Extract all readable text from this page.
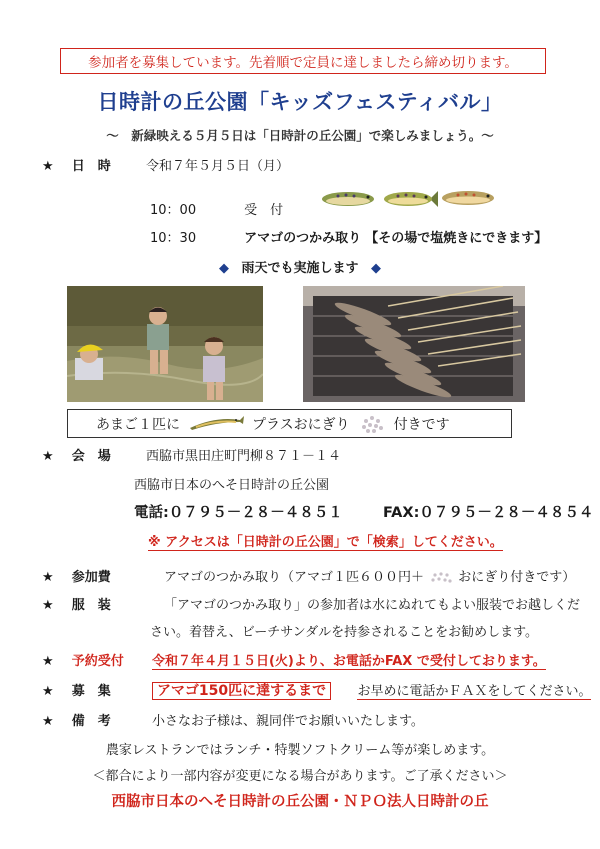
参加者を募集しています。先着順で定員に達しましたら締め切ります。
日時計の丘公園「キッズフェスティバル」
～　新緑映える５月５日は「日時計の丘公園」で楽しみましょう。～
★ 日　時	令和７年５月５日（月）
10：00	受　付
10：30	アマゴのつかみ取り 【その場で塩焼きにできます】
◆ 雨天でも実施します ◆
あまご１匹に	プラスおにぎり	付きです
★ 会　場	西脇市黒田庄町門柳８７１－１４
西脇市日本のへそ日時計の丘公園
電話:０７９５－２８－４８５１	FAX:０７９５－２８－４８５４
※ アクセスは「日時計の丘公園」で「検索」してください。
★ 参加費	アマゴのつかみ取り（アマゴ１匹６００円＋	おにぎり付きです）
★ 服　装	「アマゴのつかみ取り」の参加者は水にぬれてもよい服装でお越しくだ
さい。着替え、ビーチサンダルを持参されることをお勧めします。
★ 予約受付 令和７年４月１５日(火)より、お電話かFAX で受付しております。
★ 募　集	アマゴ150匹に達するまで お早めに電話かＦＡＸをしてください。
★ 備　考	小さなお子様は、親同伴でお願いいたします。
農家レストランではランチ・特製ソフトクリーム等が楽しめます。
＜都合により一部内容が変更になる場合があります。ご了承ください＞
西脇市日本のへそ日時計の丘公園・ＮＰＯ法人日時計の丘
